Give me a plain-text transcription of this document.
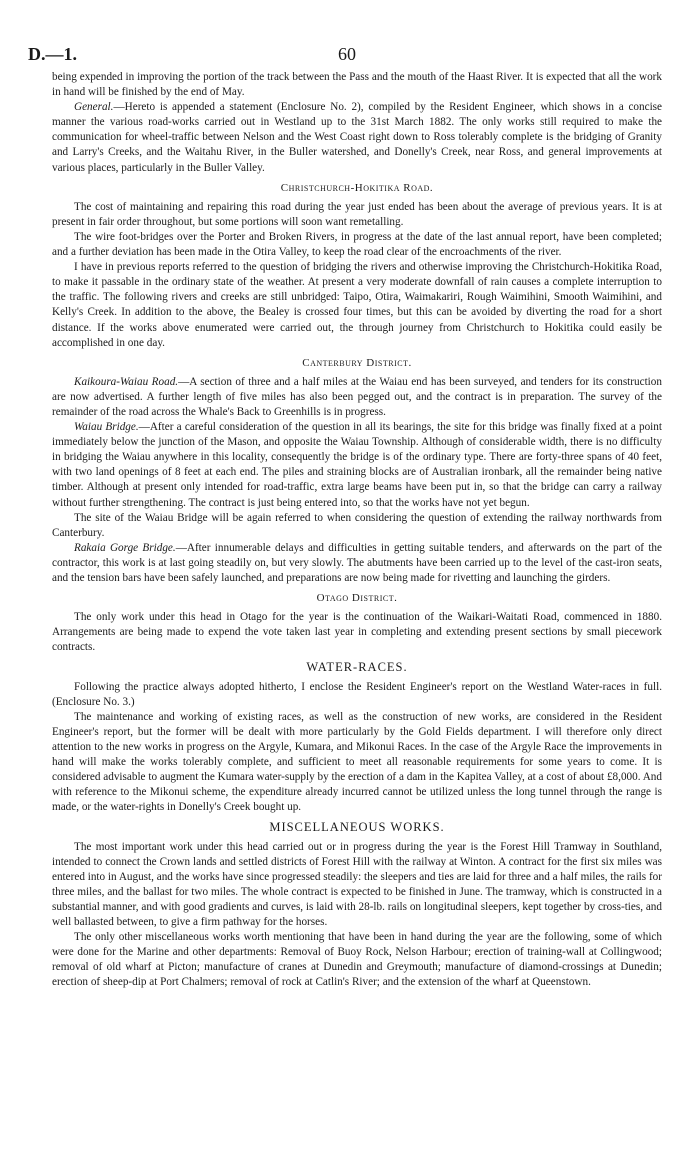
D.—1.	60

being expended in improving the portion of the track between the Pass and the mouth of the Haast River. It is expected that all the work in hand will be finished by the end of May.

General.—Hereto is appended a statement (Enclosure No. 2), compiled by the Resident Engineer, which shows in a concise manner the various road-works carried out in Westland up to the 31st March 1882. The only works still required to make the communication for wheel-traffic between Nelson and the West Coast right down to Ross tolerably complete is the bridging of Granity and Larry's Creeks, and the Waitahu River, in the Buller watershed, and Donelly's Creek, near Ross, and general improvements at various places, particularly in the Buller Valley.

Christchurch-Hokitika Road.

The cost of maintaining and repairing this road during the year just ended has been about the average of previous years. It is at present in fair order throughout, but some portions will soon want remetalling.

The wire foot-bridges over the Porter and Broken Rivers, in progress at the date of the last annual report, have been completed; and a further deviation has been made in the Otira Valley, to keep the road clear of the encroachments of the river.

I have in previous reports referred to the question of bridging the rivers and otherwise improving the Christchurch-Hokitika Road, to make it passable in the ordinary state of the weather. At present a very moderate downfall of rain causes a complete interruption to the traffic. The following rivers and creeks are still unbridged: Taipo, Otira, Waimakariri, Rough Waimihini, Smooth Waimihini, and Kelly's Creek. In addition to the above, the Bealey is crossed four times, but this can be avoided by diverting the road for a short distance. If the works above enumerated were carried out, the through journey from Christchurch to Hokitika could easily be accomplished in one day.

Canterbury District.

Kaikoura-Waiau Road.—A section of three and a half miles at the Waiau end has been surveyed, and tenders for its construction are now advertised. A further length of five miles has also been pegged out, and the contract is in preparation. The survey of the remainder of the road across the Whale's Back to Greenhills is in progress.

Waiau Bridge.—After a careful consideration of the question in all its bearings, the site for this bridge was finally fixed at a point immediately below the junction of the Mason, and opposite the Waiau Township. Although of considerable width, there is no difficulty in bridging the Waiau anywhere in this locality, consequently the bridge is of the ordinary type. There are forty-three spans of 40 feet, with two land openings of 8 feet at each end. The piles and straining blocks are of Australian ironbark, all the remainder being native timber. Although at present only intended for road-traffic, extra large beams have been put in, so that the bridge can carry a railway without further strengthening. The contract is just being entered into, so that the works have not yet begun.

The site of the Waiau Bridge will be again referred to when considering the question of extending the railway northwards from Canterbury.

Rakaia Gorge Bridge.—After innumerable delays and difficulties in getting suitable tenders, and afterwards on the part of the contractor, this work is at last going steadily on, but very slowly. The abutments have been carried up to the level of the cast-iron seats, and the tension bars have been safely launched, and preparations are now being made for rivetting and launching the girders.

Otago District.

The only work under this head in Otago for the year is the continuation of the Waikari-Waitati Road, commenced in 1880. Arrangements are being made to expend the vote taken last year in completing and extending present sections by small piecework contracts.

WATER-RACES.

Following the practice always adopted hitherto, I enclose the Resident Engineer's report on the Westland Water-races in full. (Enclosure No. 3.)

The maintenance and working of existing races, as well as the construction of new works, are considered in the Resident Engineer's report, but the former will be dealt with more particularly by the Gold Fields department. I will therefore only direct attention to the new works in progress on the Argyle, Kumara, and Mikonui Races. In the case of the Argyle Race the improvements in hand will make the works tolerably complete, and sufficient to meet all reasonable requirements for some years to come. It is considered advisable to augment the Kumara water-supply by the erection of a dam in the Kapitea Valley, at a cost of about £8,000. And with reference to the Mikonui scheme, the expenditure already incurred cannot be utilized unless the long tunnel through the range is made, or the water-rights in Donelly's Creek bought up.

MISCELLANEOUS WORKS.

The most important work under this head carried out or in progress during the year is the Forest Hill Tramway in Southland, intended to connect the Crown lands and settled districts of Forest Hill with the railway at Winton. A contract for the first six miles was entered into in August, and the works have since progressed steadily: the sleepers and ties are laid for three and a half miles, the rails for three miles, and the ballast for two miles. The whole contract is expected to be finished in June. The tramway, which is constructed in a substantial manner, and with good gradients and curves, is laid with 28-lb. rails on longitudinal sleepers, kept together by cross-ties, and well ballasted between, to give a firm pathway for the horses.

The only other miscellaneous works worth mentioning that have been in hand during the year are the following, some of which were done for the Marine and other departments: Removal of Buoy Rock, Nelson Harbour; erection of training-wall at Collingwood; removal of old wharf at Picton; manufacture of cranes at Dunedin and Greymouth; manufacture of diamond-crossings at Dunedin; erection of sheep-dip at Port Chalmers; removal of rock at Catlin's River; and the extension of the wharf at Queenstown.
